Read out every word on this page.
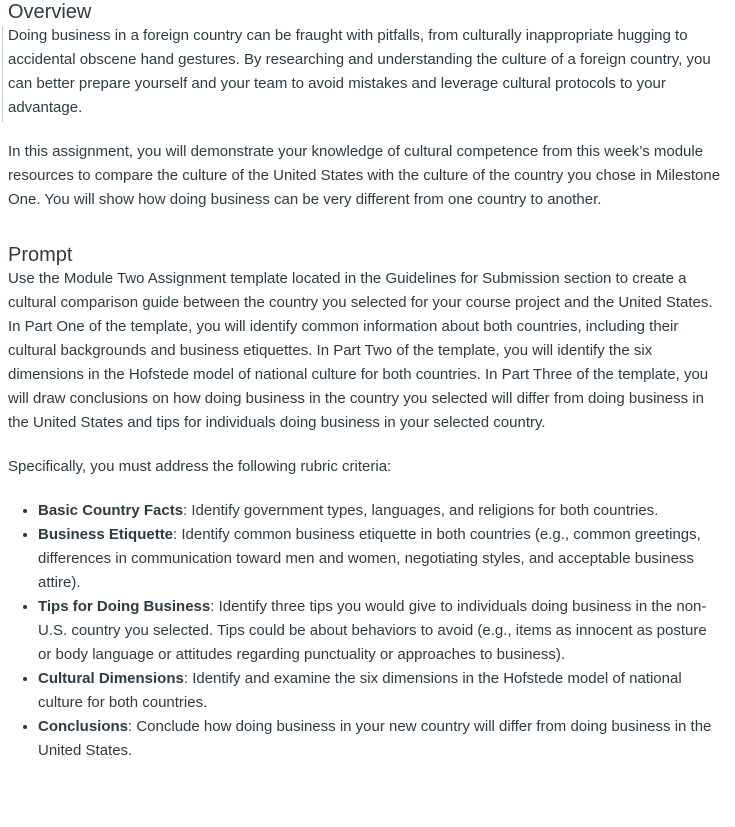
Overview

Doing business in a foreign country can be fraught with pitfalls, from culturally inappropriate hugging to accidental obscene hand gestures. By researching and understanding the culture of a foreign country, you can better prepare yourself and your team to avoid mistakes and leverage cultural protocols to your advantage.

In this assignment, you will demonstrate your knowledge of cultural competence from this week’s module resources to compare the culture of the United States with the culture of the country you chose in Milestone One. You will show how doing business can be very different from one country to another.

Prompt

Use the Module Two Assignment template located in the Guidelines for Submission section to create a cultural comparison guide between the country you selected for your course project and the United States. In Part One of the template, you will identify common information about both countries, including their cultural backgrounds and business etiquettes. In Part Two of the template, you will identify the six dimensions in the Hofstede model of national culture for both countries. In Part Three of the template, you will draw conclusions on how doing business in the country you selected will differ from doing business in the United States and tips for individuals doing business in your selected country.

Specifically, you must address the following rubric criteria:

• Basic Country Facts: Identify government types, languages, and religions for both countries.
• Business Etiquette: Identify common business etiquette in both countries (e.g., common greetings, differences in communication toward men and women, negotiating styles, and acceptable business attire).
• Tips for Doing Business: Identify three tips you would give to individuals doing business in the non-U.S. country you selected. Tips could be about behaviors to avoid (e.g., items as innocent as posture or body language or attitudes regarding punctuality or approaches to business).
• Cultural Dimensions: Identify and examine the six dimensions in the Hofstede model of national culture for both countries.
• Conclusions: Conclude how doing business in your new country will differ from doing business in the United States.
